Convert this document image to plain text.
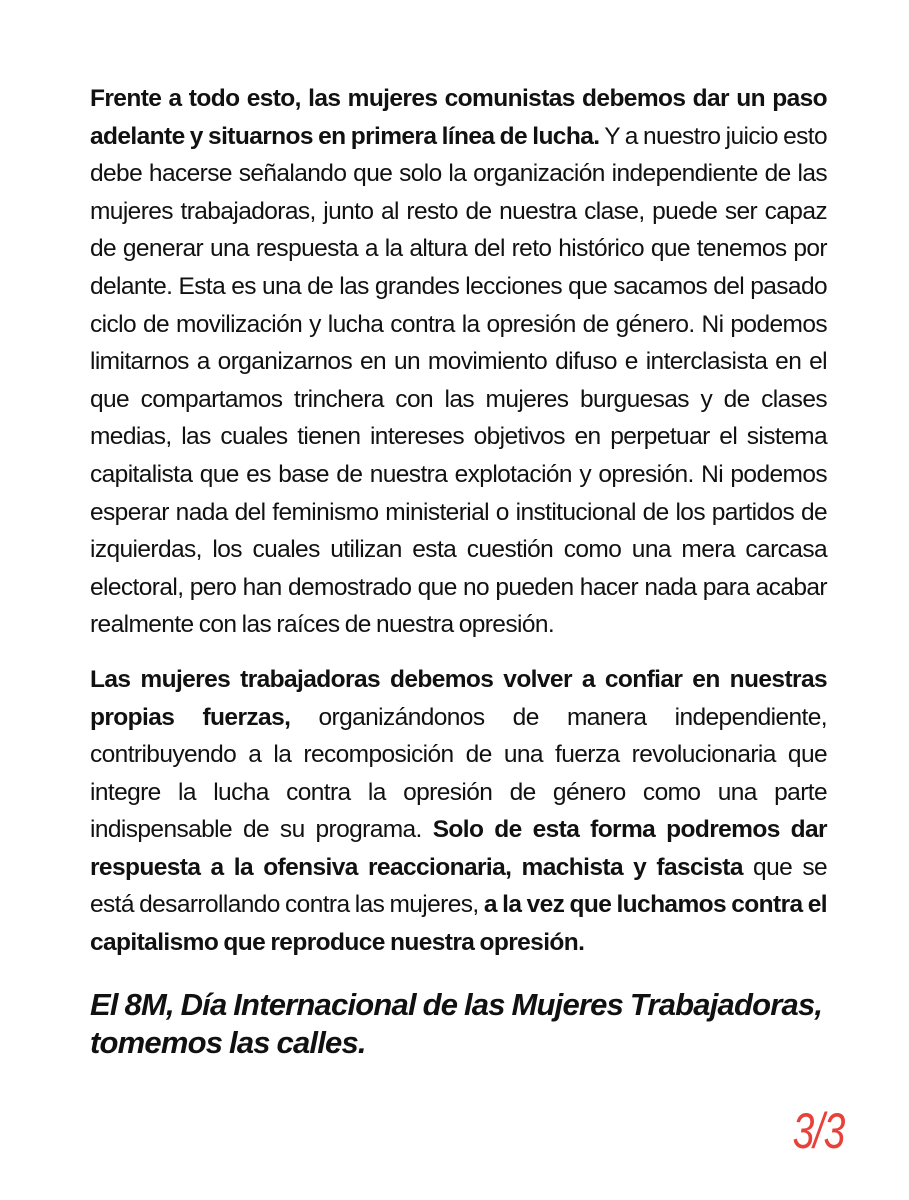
Frente a todo esto, las mujeres comunistas debemos dar un paso adelante y situarnos en primera línea de lucha. Y a nuestro juicio esto debe hacerse señalando que solo la organización independiente de las mujeres trabajadoras, junto al resto de nuestra clase, puede ser capaz de generar una respuesta a la altura del reto histórico que tenemos por delante. Esta es una de las grandes lecciones que sacamos del pasado ciclo de movilización y lucha contra la opresión de género. Ni podemos limitarnos a organizarnos en un movimiento difuso e interclasista en el que compartamos trinchera con las mujeres burguesas y de clases medias, las cuales tienen intereses objetivos en perpetuar el sistema capitalista que es base de nuestra explotación y opresión. Ni podemos esperar nada del feminismo ministerial o institucional de los partidos de izquierdas, los cuales utilizan esta cuestión como una mera carcasa electoral, pero han demostrado que no pueden hacer nada para acabar realmente con las raíces de nuestra opresión.

Las mujeres trabajadoras debemos volver a confiar en nuestras propias fuerzas, organizándonos de manera independiente, contribuyendo a la recomposición de una fuerza revolucionaria que integre la lucha contra la opresión de género como una parte indispensable de su programa. Solo de esta forma podremos dar respuesta a la ofensiva reaccionaria, machista y fascista que se está desarrollando contra las mujeres, a la vez que luchamos contra el capitalismo que reproduce nuestra opresión.

El 8M, Día Internacional de las Mujeres Trabajadoras, tomemos las calles.

3/3
